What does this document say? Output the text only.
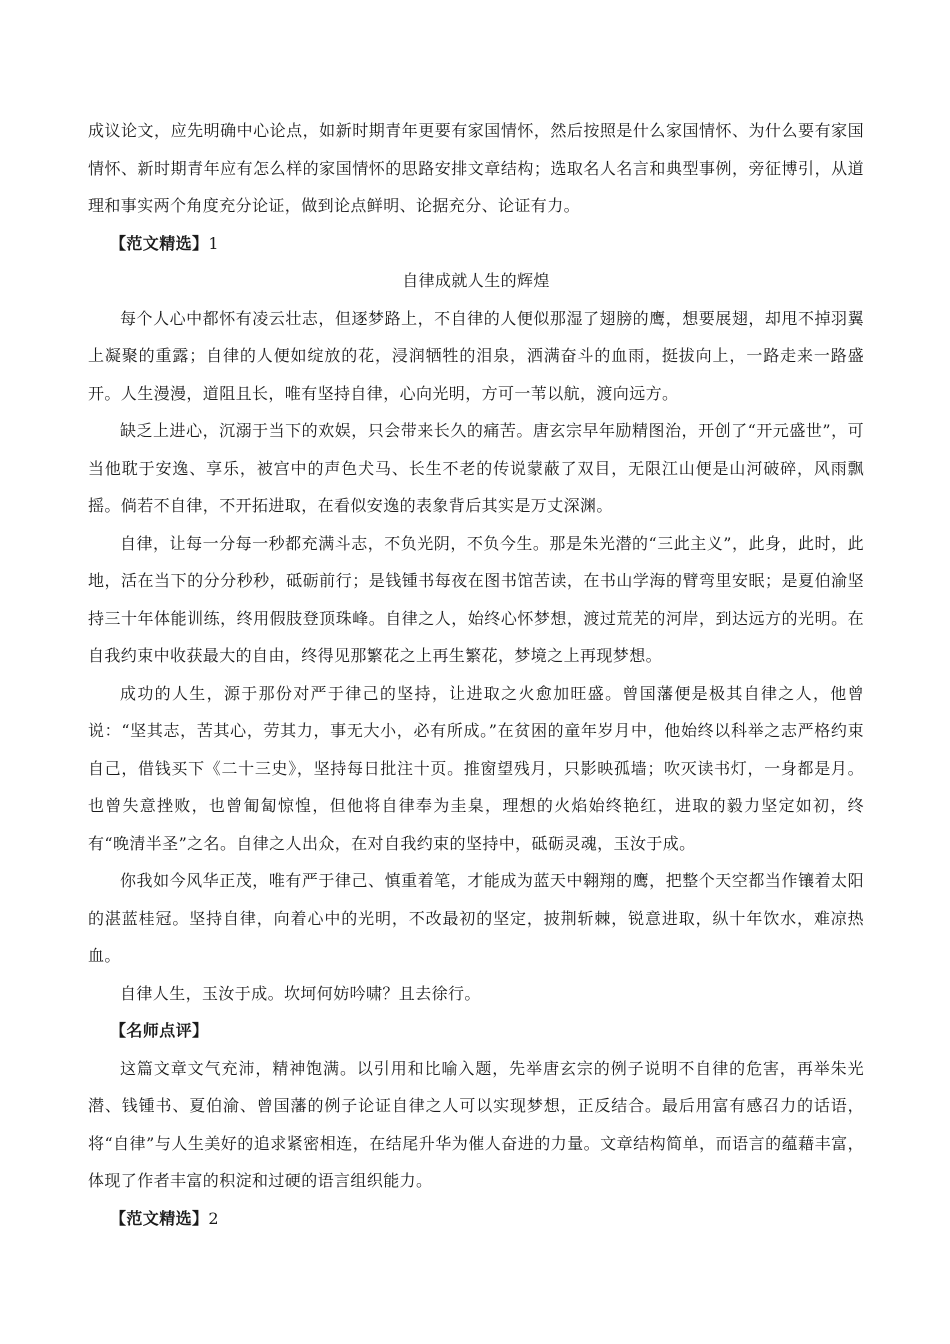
成议论文，应先明确中心论点，如新时期青年更要有家国情怀，然后按照是什么家国情怀、为什么要有家国情怀、新时期青年应有怎么样的家国情怀的思路安排文章结构；选取名人名言和典型事例，旁征博引，从道理和事实两个角度充分论证，做到论点鲜明、论据充分、论证有力。

【范文精选】1

自律成就人生的辉煌

每个人心中都怀有凌云壮志，但逐梦路上，不自律的人便似那湿了翅膀的鹰，想要展翅，却甩不掉羽翼上凝聚的重露；自律的人便如绽放的花，浸润牺牲的泪泉，洒满奋斗的血雨，挺拔向上，一路走来一路盛开。人生漫漫，道阻且长，唯有坚持自律，心向光明，方可一苇以航，渡向远方。

缺乏上进心，沉溺于当下的欢娱，只会带来长久的痛苦。唐玄宗早年励精图治，开创了“开元盛世”，可当他耽于安逸、享乐，被宫中的声色犬马、长生不老的传说蒙蔽了双目，无限江山便是山河破碎，风雨飘摇。倘若不自律，不开拓进取，在看似安逸的表象背后其实是万丈深渊。

自律，让每一分每一秒都充满斗志，不负光阴，不负今生。那是朱光潜的“三此主义”，此身，此时，此地，活在当下的分分秒秒，砥砺前行；是钱锺书每夜在图书馆苦读，在书山学海的臂弯里安眠；是夏伯渝坚持三十年体能训练，终用假肢登顶珠峰。自律之人，始终心怀梦想，渡过荒芜的河岸，到达远方的光明。在自我约束中收获最大的自由，终得见那繁花之上再生繁花，梦境之上再现梦想。

成功的人生，源于那份对严于律己的坚持，让进取之火愈加旺盛。曾国藩便是极其自律之人，他曾说：“坚其志，苦其心，劳其力，事无大小，必有所成。”在贫困的童年岁月中，他始终以科举之志严格约束自己，借钱买下《二十三史》，坚持每日批注十页。推窗望残月，只影映孤墙；吹灭读书灯，一身都是月。也曾失意挫败，也曾匍匐惊惶，但他将自律奉为圭臬，理想的火焰始终艳红，进取的毅力坚定如初，终有“晚清半圣”之名。自律之人出众，在对自我约束的坚持中，砥砺灵魂，玉汝于成。

你我如今风华正茂，唯有严于律己、慎重着笔，才能成为蓝天中翱翔的鹰，把整个天空都当作镶着太阳的湛蓝桂冠。坚持自律，向着心中的光明，不改最初的坚定，披荆斩棘，锐意进取，纵十年饮水，难凉热血。

自律人生，玉汝于成。坎坷何妨吟啸？且去徐行。

【名师点评】

这篇文章文气充沛，精神饱满。以引用和比喻入题，先举唐玄宗的例子说明不自律的危害，再举朱光潜、钱锺书、夏伯渝、曾国藩的例子论证自律之人可以实现梦想，正反结合。最后用富有感召力的话语，将“自律”与人生美好的追求紧密相连，在结尾升华为催人奋进的力量。文章结构简单，而语言的蕴藉丰富，体现了作者丰富的积淀和过硬的语言组织能力。

【范文精选】2
